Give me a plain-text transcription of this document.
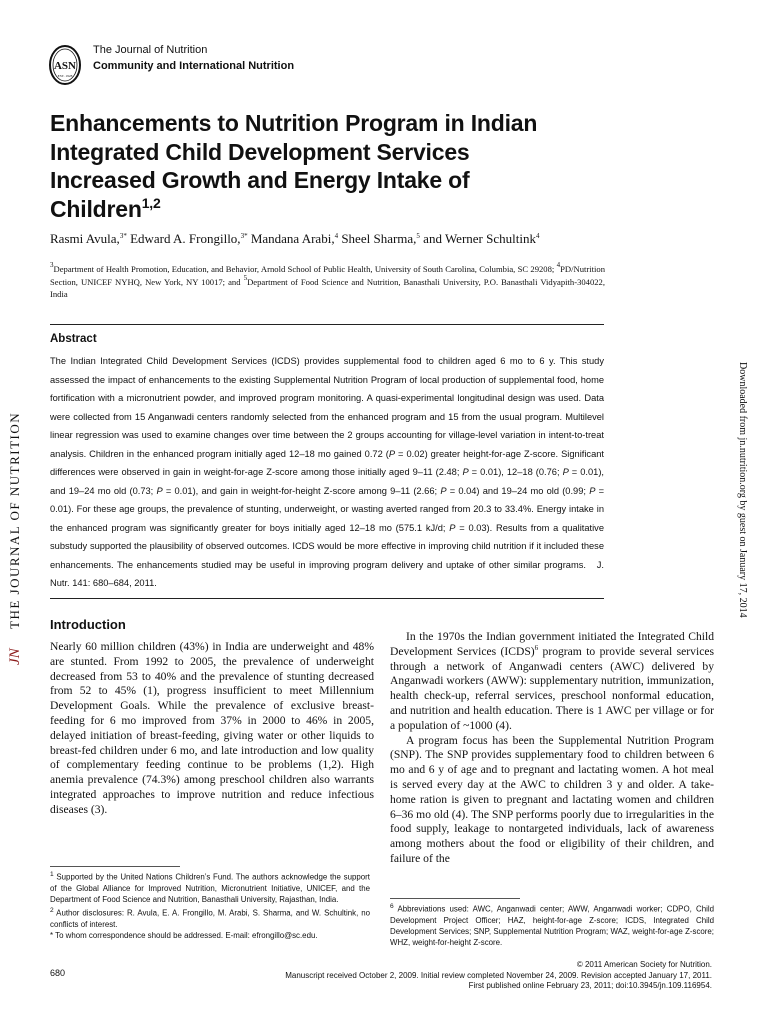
ASN
EST. 1928
The Journal of Nutrition
Community and International Nutrition
Enhancements to Nutrition Program in Indian Integrated Child Development Services Increased Growth and Energy Intake of Children$^{1,2}$
Rasmi Avula,$^{3*}$ Edward A. Frongillo,$^{3*}$ Mandana Arabi,$^4$ Sheel Sharma,$^5$ and Werner Schultink$^4$
$^3$Department of Health Promotion, Education, and Behavior, Arnold School of Public Health, University of South Carolina, Columbia, SC 29208; $^4$PD/Nutrition Section, UNICEF NYHQ, New York, NY 10017; and $^5$Department of Food Science and Nutrition, Banasthali University, P.O. Banasthali Vidyapith-304022, India
Abstract
The Indian Integrated Child Development Services (ICDS) provides supplemental food to children aged 6 mo to 6 y. This study assessed the impact of enhancements to the existing Supplemental Nutrition Program of local production of supplemental food, home fortification with a micronutrient powder, and improved program monitoring. A quasi-experimental longitudinal design was used. Data were collected from 15 Anganwadi centers randomly selected from the enhanced program and 15 from the usual program. Multilevel linear regression was used to examine changes over time between the 2 groups accounting for village-level variation in intent-to-treat analysis. Children in the enhanced program initially aged 12–18 mo gained 0.72 (P = 0.02) greater height-for-age Z-score. Significant differences were observed in gain in weight-for-age Z-score among those initially aged 9–11 (2.48; P = 0.01), 12–18 (0.76; P = 0.01), and 19–24 mo old (0.73; P = 0.01), and gain in weight-for-height Z-score among 9–11 (2.66; P = 0.04) and 19–24 mo old (0.99; P = 0.01). For these age groups, the prevalence of stunting, underweight, or wasting averted ranged from 20.3 to 33.4%. Energy intake in the enhanced program was significantly greater for boys initially aged 12–18 mo (575.1 kJ/d; P = 0.03). Results from a qualitative substudy supported the plausibility of observed outcomes. ICDS would be more effective in improving child nutrition if it included these enhancements. The enhancements studied may be useful in improving program delivery and uptake of other similar programs. J. Nutr. 141: 680–684, 2011.
Introduction

Nearly 60 million children (43%) in India are underweight and 48% are stunted. From 1992 to 2005, the prevalence of underweight decreased from 53 to 40% and the prevalence of stunting decreased from 52 to 45% (1), progress insufficient to meet Millennium Development Goals. While the prevalence of exclusive breast-feeding for 6 mo improved from 37% in 2000 to 46% in 2005, delayed initiation of breast-feeding, giving water or other liquids to breast-fed children under 6 mo, and late introduction and low quality of complementary feeding continue to be problems (1,2). High anemia prevalence (74.3%) among preschool children also warrants integrated approaches to improve nutrition and reduce infectious diseases (3).

In the 1970s the Indian government initiated the Integrated Child Development Services (ICDS)$^6$ program to provide several services through a network of Anganwadi centers (AWC) delivered by Anganwadi workers (AWW): supplementary nutrition, immunization, health check-up, referral services, preschool nonformal education, and nutrition and health education. There is 1 AWC per village or for a population of ~1000 (4).

A program focus has been the Supplemental Nutrition Program (SNP). The SNP provides supplementary food to children between 6 mo and 6 y of age and to pregnant and lactating women. A hot meal is served every day at the AWC to children 3 y and older. A take-home ration is given to pregnant and lactating women and children 6–36 mo old (4). The SNP performs poorly due to irregularities in the food supply, leakage to nontargeted individuals, lack of awareness among mothers about the food or eligibility of their children, and failure of the

$^1$ Supported by the United Nations Children’s Fund. The authors acknowledge the support of the Global Alliance for Improved Nutrition, Micronutrient Initiative, UNICEF, and the Department of Food Science and Nutrition, Banasthali University, Rajasthan, India.

$^2$ Author disclosures: R. Avula, E. A. Frongillo, M. Arabi, S. Sharma, and W. Schultink, no conflicts of interest.

* To whom correspondence should be addressed. E-mail: efrongillo@sc.edu.

$^6$ Abbreviations used: AWC, Anganwadi center; AWW, Anganwadi worker; CDPO, Child Development Project Officer; HAZ, height-for-age Z-score; ICDS, Integrated Child Development Services; SNP, Supplemental Nutrition Program; WAZ, weight-for-age Z-score; WHZ, weight-for-height Z-score.

680
© 2011 American Society for Nutrition.
Manuscript received October 2, 2009. Initial review completed November 24, 2009. Revision accepted January 17, 2011.
First published online February 23, 2011; doi:10.3945/jn.109.116954.
JN
THE JOURNAL OF NUTRITION	Downloaded from jn.nutrition.org by guest on January 17, 2014
